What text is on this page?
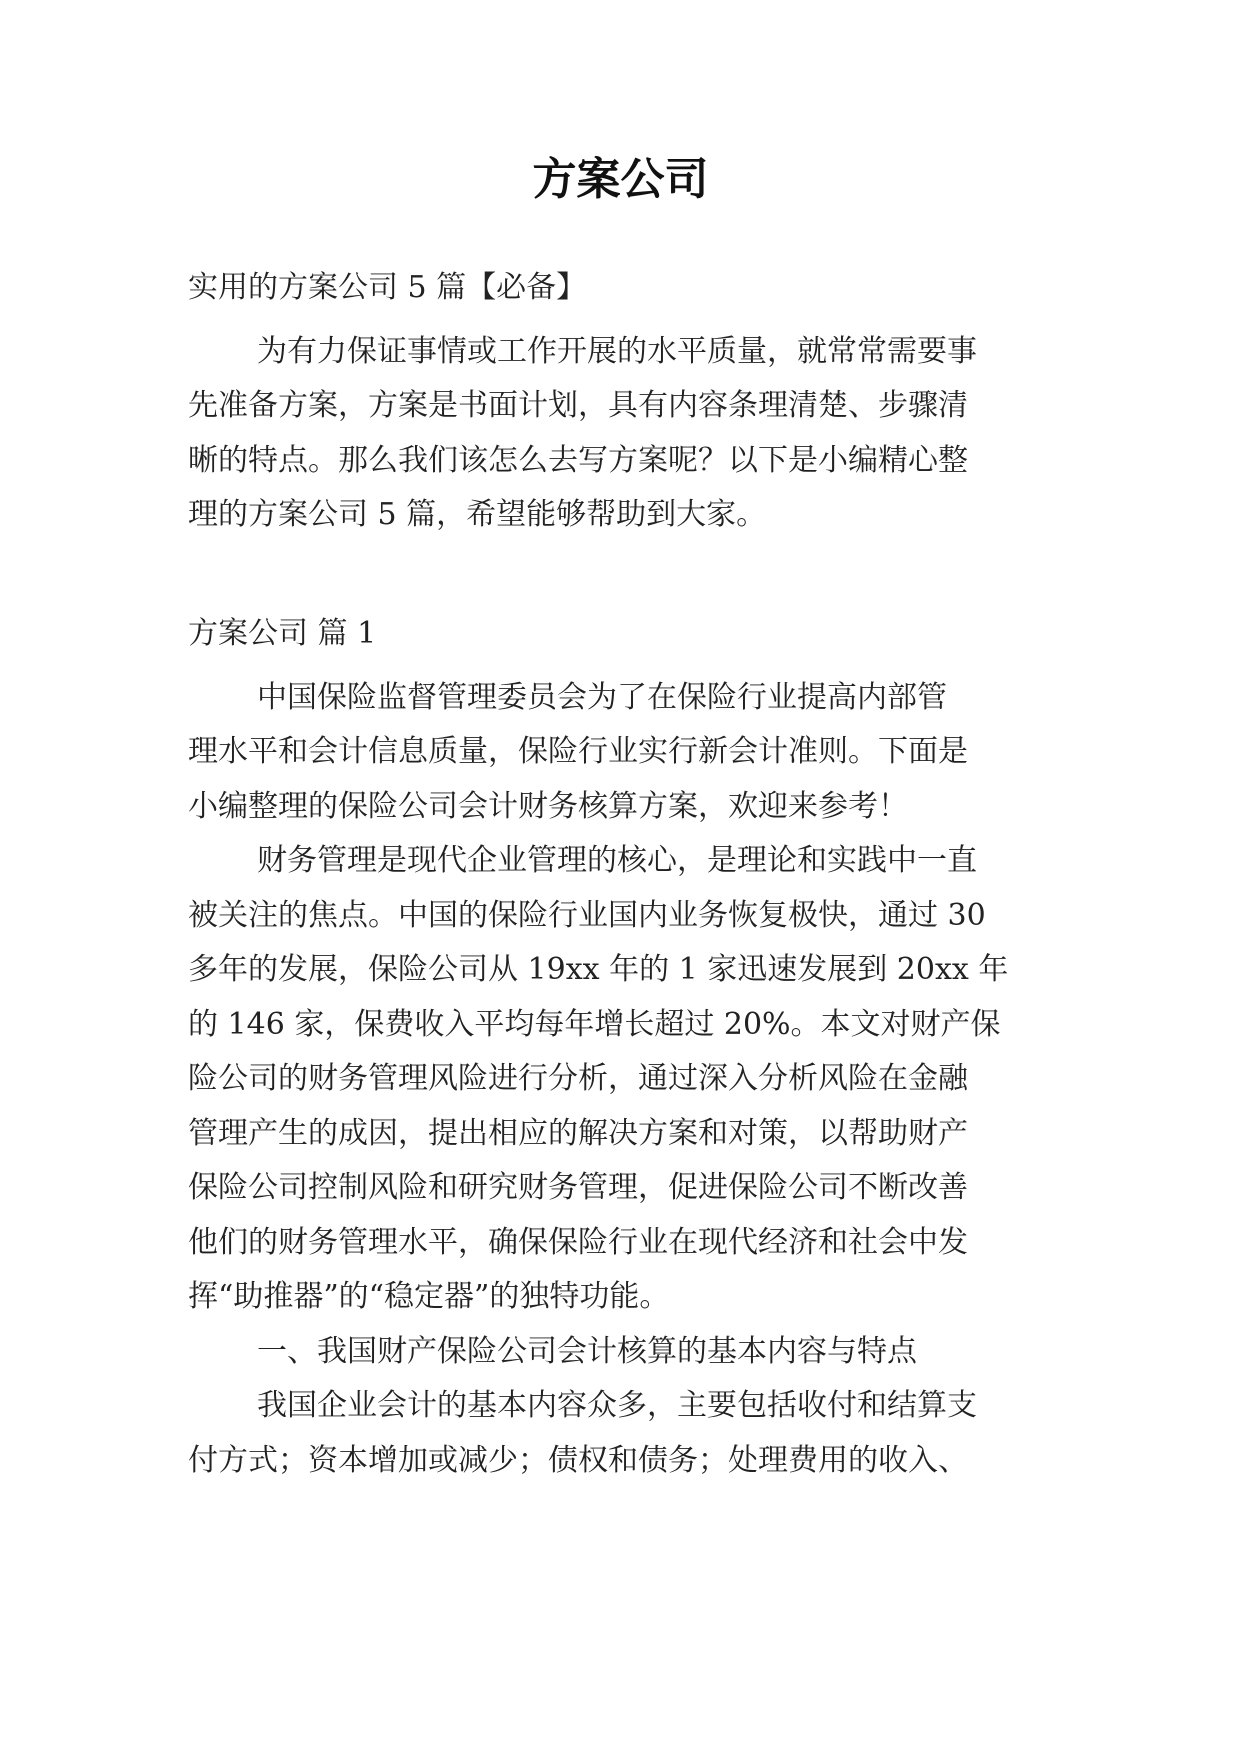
方案公司

实用的方案公司 5 篇【必备】

为有力保证事情或工作开展的水平质量，就常常需要事

先准备方案，方案是书面计划，具有内容条理清楚、步骤清

晰的特点。那么我们该怎么去写方案呢？以下是小编精心整

理的方案公司 5 篇，希望能够帮助到大家。

方案公司 篇 1

中国保险监督管理委员会为了在保险行业提高内部管

理水平和会计信息质量，保险行业实行新会计准则。下面是

小编整理的保险公司会计财务核算方案，欢迎来参考！

财务管理是现代企业管理的核心，是理论和实践中一直

被关注的焦点。中国的保险行业国内业务恢复极快，通过 30

多年的发展，保险公司从 19xx 年的 1 家迅速发展到 20xx 年

的 146 家，保费收入平均每年增长超过 20%。本文对财产保

险公司的财务管理风险进行分析，通过深入分析风险在金融

管理产生的成因，提出相应的解决方案和对策，以帮助财产

保险公司控制风险和研究财务管理，促进保险公司不断改善

他们的财务管理水平，确保保险行业在现代经济和社会中发

挥“助推器”的“稳定器”的独特功能。

一、我国财产保险公司会计核算的基本内容与特点

我国企业会计的基本内容众多，主要包括收付和结算支

付方式；资本增加或减少；债权和债务；处理费用的收入、
